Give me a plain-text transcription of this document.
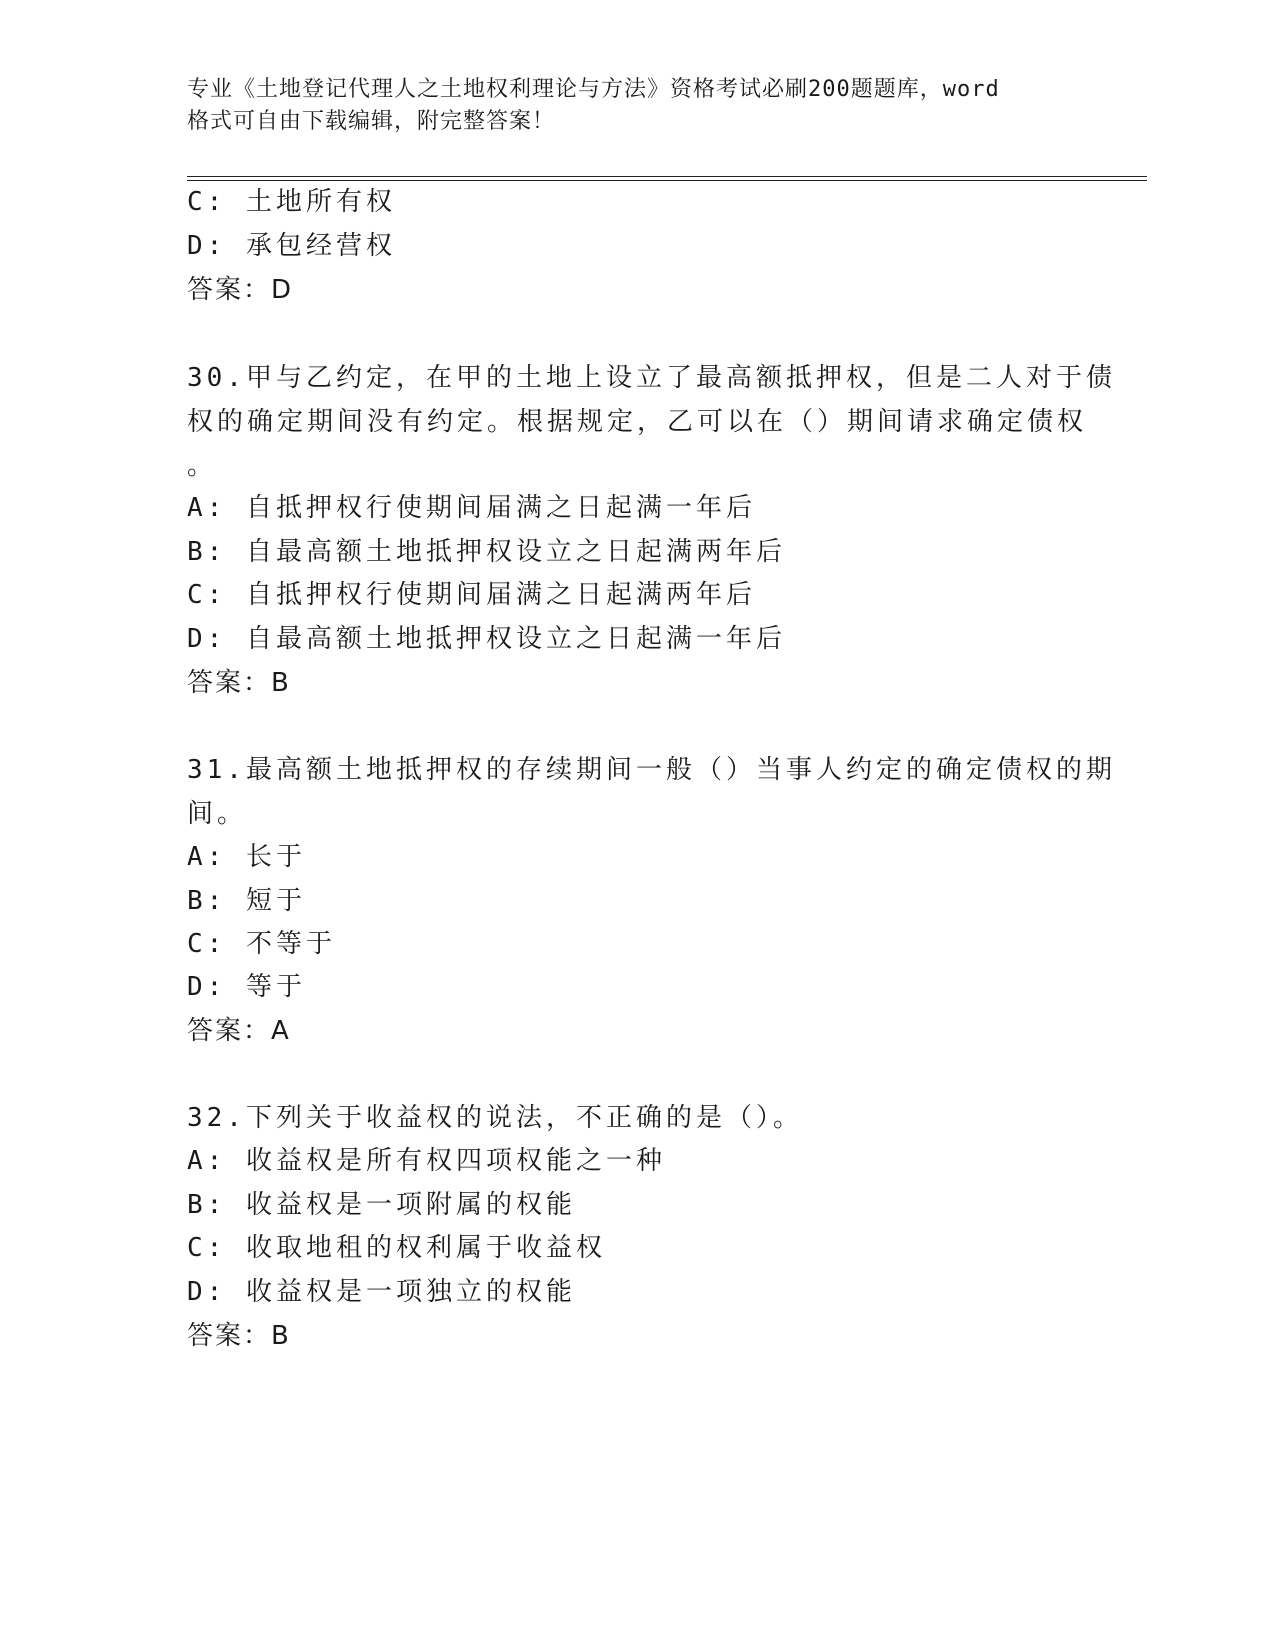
专业《土地登记代理人之土地权利理论与方法》资格考试必刷200题题库，word
格式可自由下载编辑，附完整答案！
C: 土地所有权
D: 承包经营权
答案：D
30.甲与乙约定，在甲的土地上设立了最高额抵押权，但是二人对于债
权的确定期间没有约定。根据规定，乙可以在（）期间请求确定债权
。
A: 自抵押权行使期间届满之日起满一年后
B: 自最高额土地抵押权设立之日起满两年后
C: 自抵押权行使期间届满之日起满两年后
D: 自最高额土地抵押权设立之日起满一年后
答案：B
31.最高额土地抵押权的存续期间一般（）当事人约定的确定债权的期
间。
A: 长于
B: 短于
C: 不等于
D: 等于
答案：A
32.下列关于收益权的说法，不正确的是（）。
A: 收益权是所有权四项权能之一种
B: 收益权是一项附属的权能
C: 收取地租的权利属于收益权
D: 收益权是一项独立的权能
答案：B
